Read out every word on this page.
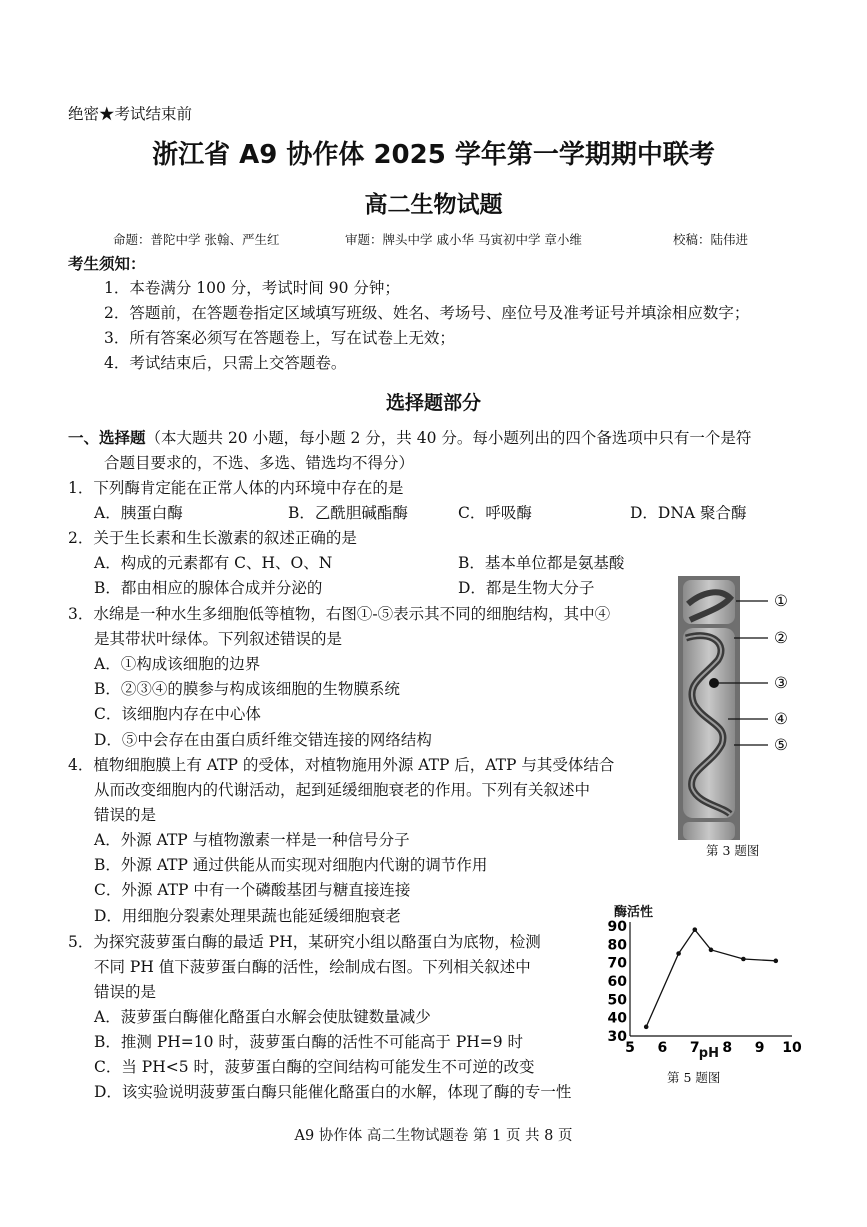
绝密★考试结束前
浙江省 A9 协作体 2025 学年第一学期期中联考
高二生物试题
命题：普陀中学 张翰、严生红	审题：牌头中学 戚小华 马寅初中学 章小维	校稿：陆伟进
考生须知：
1．本卷满分 100 分，考试时间 90 分钟；
2．答题前，在答题卷指定区域填写班级、姓名、考场号、座位号及准考证号并填涂相应数字；
3．所有答案必须写在答题卷上，写在试卷上无效；
4．考试结束后，只需上交答题卷。
选择题部分
一、选择题（本大题共 20 小题，每小题 2 分，共 40 分。每小题列出的四个备选项中只有一个是符
合题目要求的，不选、多选、错选均不得分）
1．下列酶肯定能在正常人体的内环境中存在的是
A．胰蛋白酶	B．乙酰胆碱酯酶	C．呼吸酶	D．DNA 聚合酶
2．关于生长素和生长激素的叙述正确的是
A．构成的元素都有 C、H、O、N	B．基本单位都是氨基酸
B．都由相应的腺体合成并分泌的	D．都是生物大分子
3．水绵是一种水生多细胞低等植物，右图①-⑤表示其不同的细胞结构，其中④
是其带状叶绿体。下列叙述错误的是
A．①构成该细胞的边界
B．②③④的膜参与构成该细胞的生物膜系统
C．该细胞内存在中心体
D．⑤中会存在由蛋白质纤维交错连接的网络结构
4．植物细胞膜上有 ATP 的受体，对植物施用外源 ATP 后，ATP 与其受体结合
从而改变细胞内的代谢活动，起到延缓细胞衰老的作用。下列有关叙述中
错误的是
A．外源 ATP 与植物激素一样是一种信号分子
B．外源 ATP 通过供能从而实现对细胞内代谢的调节作用
C．外源 ATP 中有一个磷酸基团与糖直接连接
D．用细胞分裂素处理果蔬也能延缓细胞衰老
5．为探究菠萝蛋白酶的最适 PH，某研究小组以酪蛋白为底物，检测
不同 PH 值下菠萝蛋白酶的活性，绘制成右图。下列相关叙述中
错误的是
A．菠萝蛋白酶催化酪蛋白水解会使肽键数量减少
B．推测 PH=10 时，菠萝蛋白酶的活性不可能高于 PH=9 时
C．当 PH<5 时，菠萝蛋白酶的空间结构可能发生不可逆的改变
D．该实验说明菠萝蛋白酶只能催化酪蛋白的水解，体现了酶的专一性
①
②
③
④
⑤
第 3 题图
酶活性
30
40
50
60
70
80
90
5 6 7 8 9 10
pH
第 5 题图
A9 协作体 高二生物试题卷 第 1 页 共 8 页
